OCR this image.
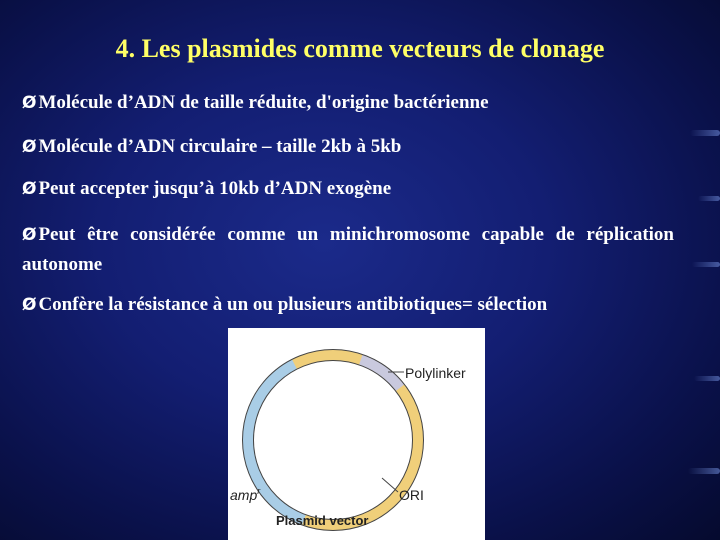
4. Les plasmides comme vecteurs de clonage

Ø Molécule d’ADN de taille réduite, d'origine bactérienne

Ø Molécule d’ADN circulaire – taille 2kb à 5kb

Ø Peut accepter jusqu’à 10kb d’ADN exogène

Ø Peut être considérée comme un minichromosome capable de réplication autonome

Ø Confère la résistance à un ou plusieurs antibiotiques= sélection

Polylinker
ORI
amp$^r$
Plasmid vector
